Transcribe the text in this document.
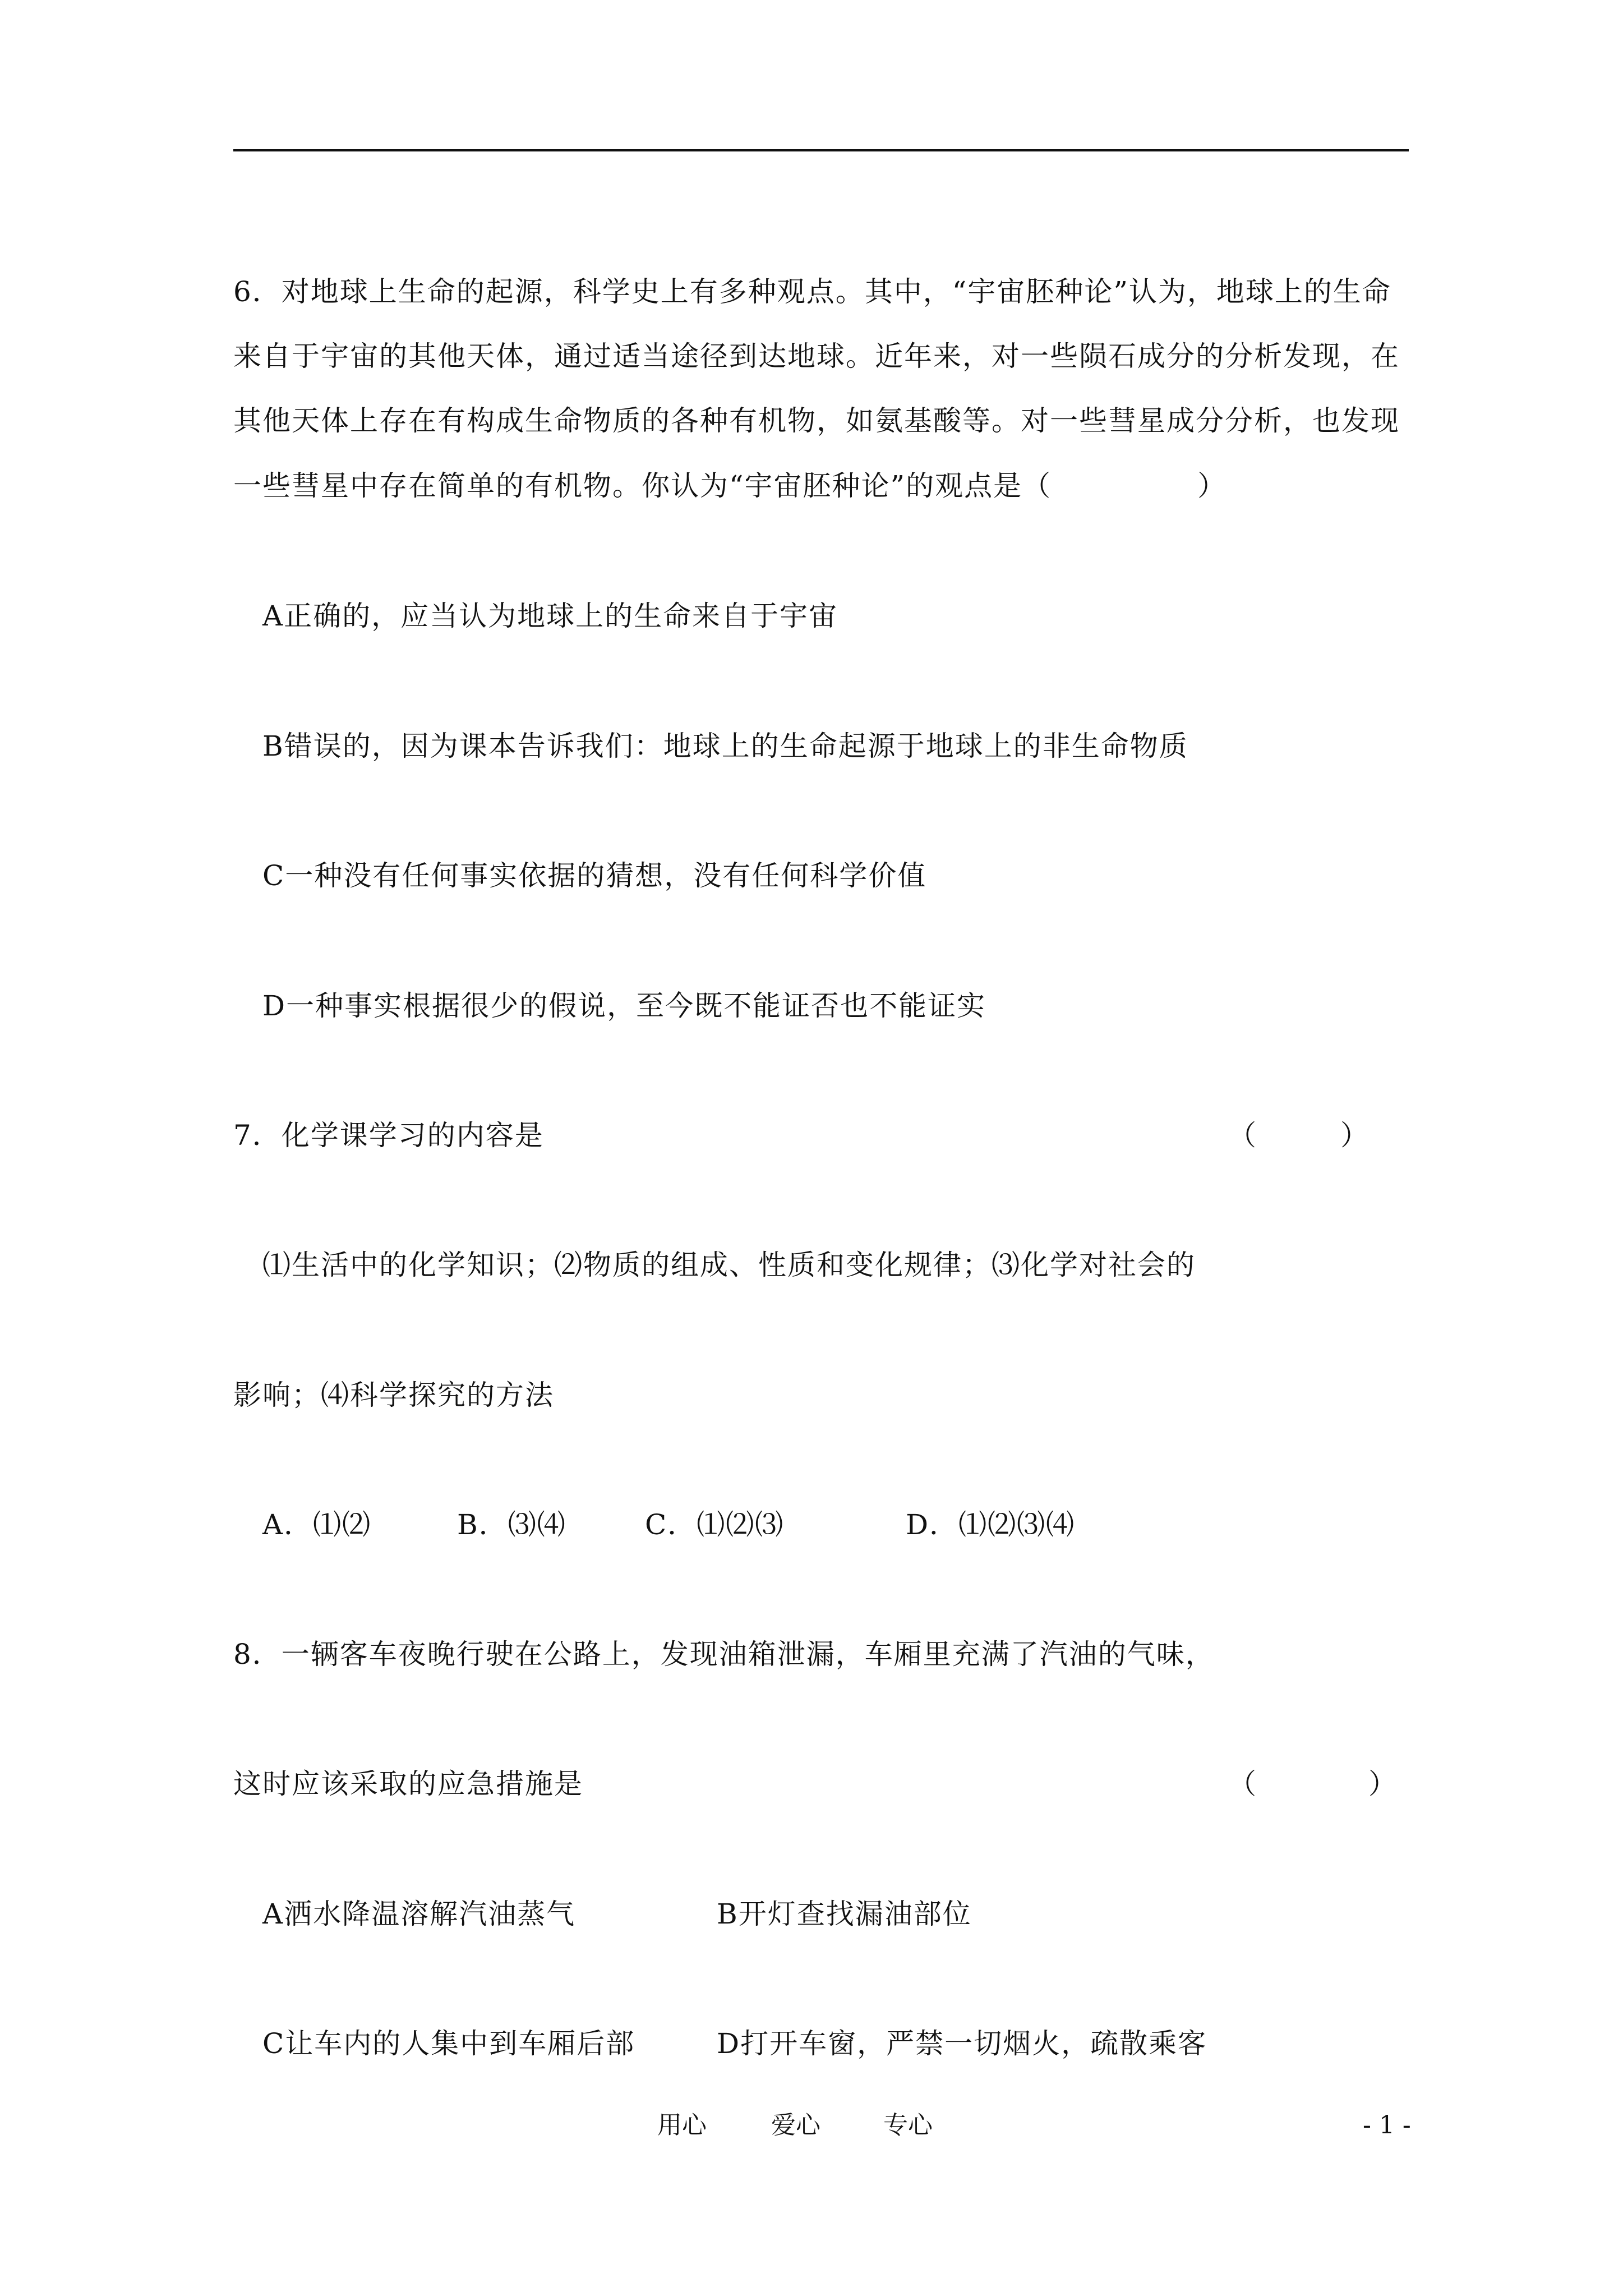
6．对地球上生命的起源，科学史上有多种观点。其中，“宇宙胚种论”认为，地球上的生命
来自于宇宙的其他天体，通过适当途径到达地球。近年来，对一些陨石成分的分析发现，在
其他天体上存在有构成生命物质的各种有机物，如氨基酸等。对一些彗星成分分析，也发现
一些彗星中存在简单的有机物。你认为“宇宙胚种论”的观点是（　　　　　）
A正确的，应当认为地球上的生命来自于宇宙
B错误的，因为课本告诉我们：地球上的生命起源于地球上的非生命物质
C一种没有任何事实依据的猜想，没有任何科学价值
D一种事实根据很少的假说，至今既不能证否也不能证实
7．化学课学习的内容是	（　　　）
⑴生活中的化学知识；⑵物质的组成、性质和变化规律；⑶化学对社会的
影响；⑷科学探究的方法
A．⑴⑵	B．⑶⑷	C．⑴⑵⑶	D．⑴⑵⑶⑷
8．一辆客车夜晚行驶在公路上，发现油箱泄漏，车厢里充满了汽油的气味，
这时应该采取的应急措施是	（　　　　）
A洒水降温溶解汽油蒸气	B开灯查找漏油部位
C让车内的人集中到车厢后部	D打开车窗，严禁一切烟火，疏散乘客
用心	爱心	专心	- 1 -
